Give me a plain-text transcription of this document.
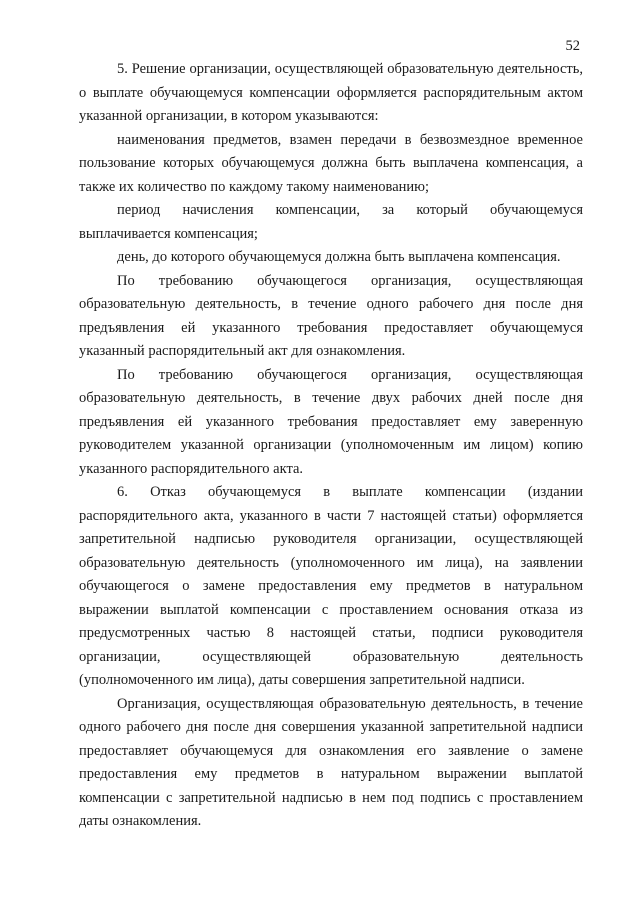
52

5. Решение организации, осуществляющей образовательную деятельность, о выплате обучающемуся компенсации оформляется распорядительным актом указанной организации, в котором указываются:

наименования предметов, взамен передачи в безвозмездное временное пользование которых обучающемуся должна быть выплачена компенсация, а также их количество по каждому такому наименованию;

период начисления компенсации, за который обучающемуся выплачивается компенсация;

день, до которого обучающемуся должна быть выплачена компенсация.

По требованию обучающегося организация, осуществляющая образовательную деятельность, в течение одного рабочего дня после дня предъявления ей указанного требования предоставляет обучающемуся указанный распорядительный акт для ознакомления.

По требованию обучающегося организация, осуществляющая образовательную деятельность, в течение двух рабочих дней после дня предъявления ей указанного требования предоставляет ему заверенную руководителем указанной организации (уполномоченным им лицом) копию указанного распорядительного акта.

6. Отказ обучающемуся в выплате компенсации (издании распорядительного акта, указанного в части 7 настоящей статьи) оформляется запретительной надписью руководителя организации, осуществляющей образовательную деятельность (уполномоченного им лица), на заявлении обучающегося о замене предоставления ему предметов в натуральном выражении выплатой компенсации с проставлением основания отказа из предусмотренных частью 8 настоящей статьи, подписи руководителя организации, осуществляющей образовательную деятельность (уполномоченного им лица), даты совершения запретительной надписи.

Организация, осуществляющая образовательную деятельность, в течение одного рабочего дня после дня совершения указанной запретительной надписи предоставляет обучающемуся для ознакомления его заявление о замене предоставления ему предметов в натуральном выражении выплатой компенсации с запретительной надписью в нем под подпись с проставлением даты ознакомления.
